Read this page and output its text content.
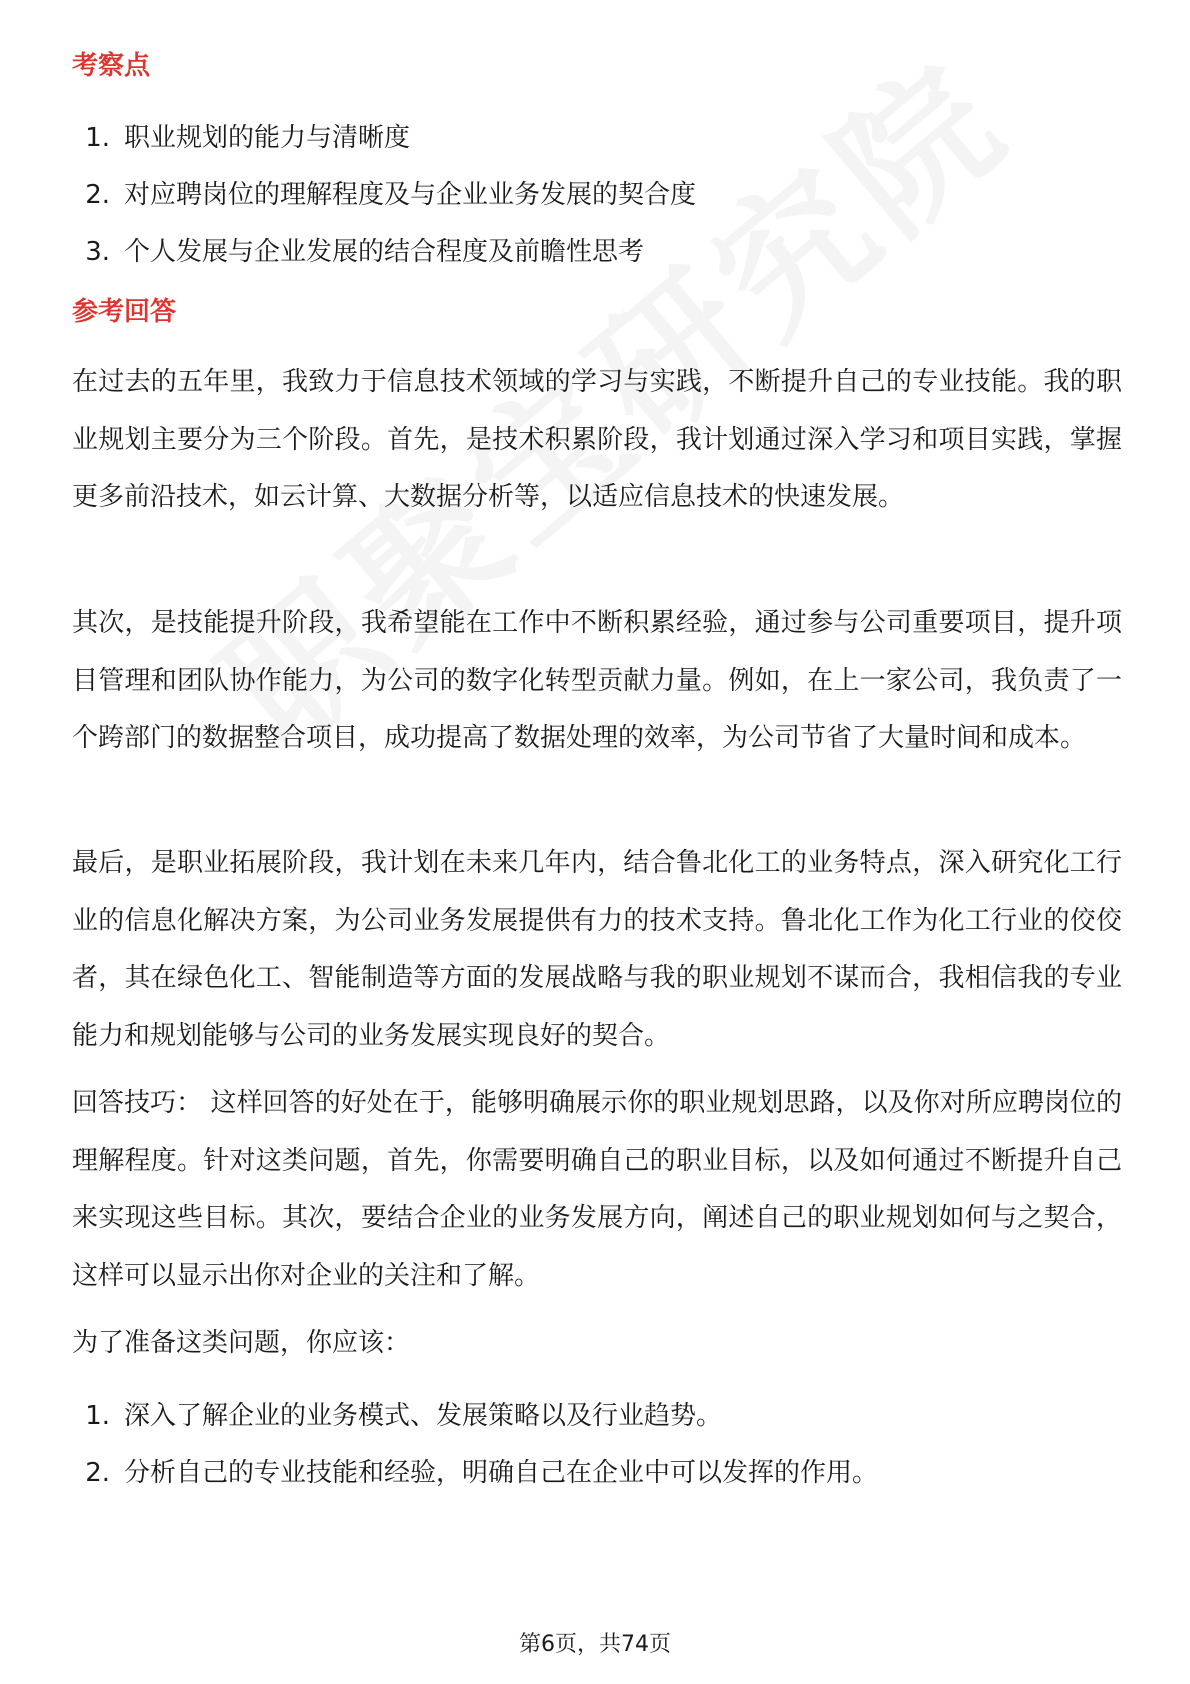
考察点
1. 职业规划的能力与清晰度
2. 对应聘岗位的理解程度及与企业业务发展的契合度
3. 个人发展与企业发展的结合程度及前瞻性思考
参考回答

在过去的五年里，我致力于信息技术领域的学习与实践，不断提升自己的专业技能。我的职业规划主要分为三个阶段。首先，是技术积累阶段，我计划通过深入学习和项目实践，掌握更多前沿技术，如云计算、大数据分析等，以适应信息技术的快速发展。

其次，是技能提升阶段，我希望能在工作中不断积累经验，通过参与公司重要项目，提升项目管理和团队协作能力，为公司的数字化转型贡献力量。例如，在上一家公司，我负责了一个跨部门的数据整合项目，成功提高了数据处理的效率，为公司节省了大量时间和成本。

最后，是职业拓展阶段，我计划在未来几年内，结合鲁北化工的业务特点，深入研究化工行业的信息化解决方案，为公司业务发展提供有力的技术支持。鲁北化工作为化工行业的佼佼者，其在绿色化工、智能制造等方面的发展战略与我的职业规划不谋而合，我相信我的专业能力和规划能够与公司的业务发展实现良好的契合。

回答技巧： 这样回答的好处在于，能够明确展示你的职业规划思路，以及你对所应聘岗位的理解程度。针对这类问题，首先，你需要明确自己的职业目标，以及如何通过不断提升自己来实现这些目标。其次，要结合企业的业务发展方向，阐述自己的职业规划如何与之契合，这样可以显示出你对企业的关注和了解。

为了准备这类问题，你应该：

1. 深入了解企业的业务模式、发展策略以及行业趋势。
2. 分析自己的专业技能和经验，明确自己在企业中可以发挥的作用。
第6页，共74页
